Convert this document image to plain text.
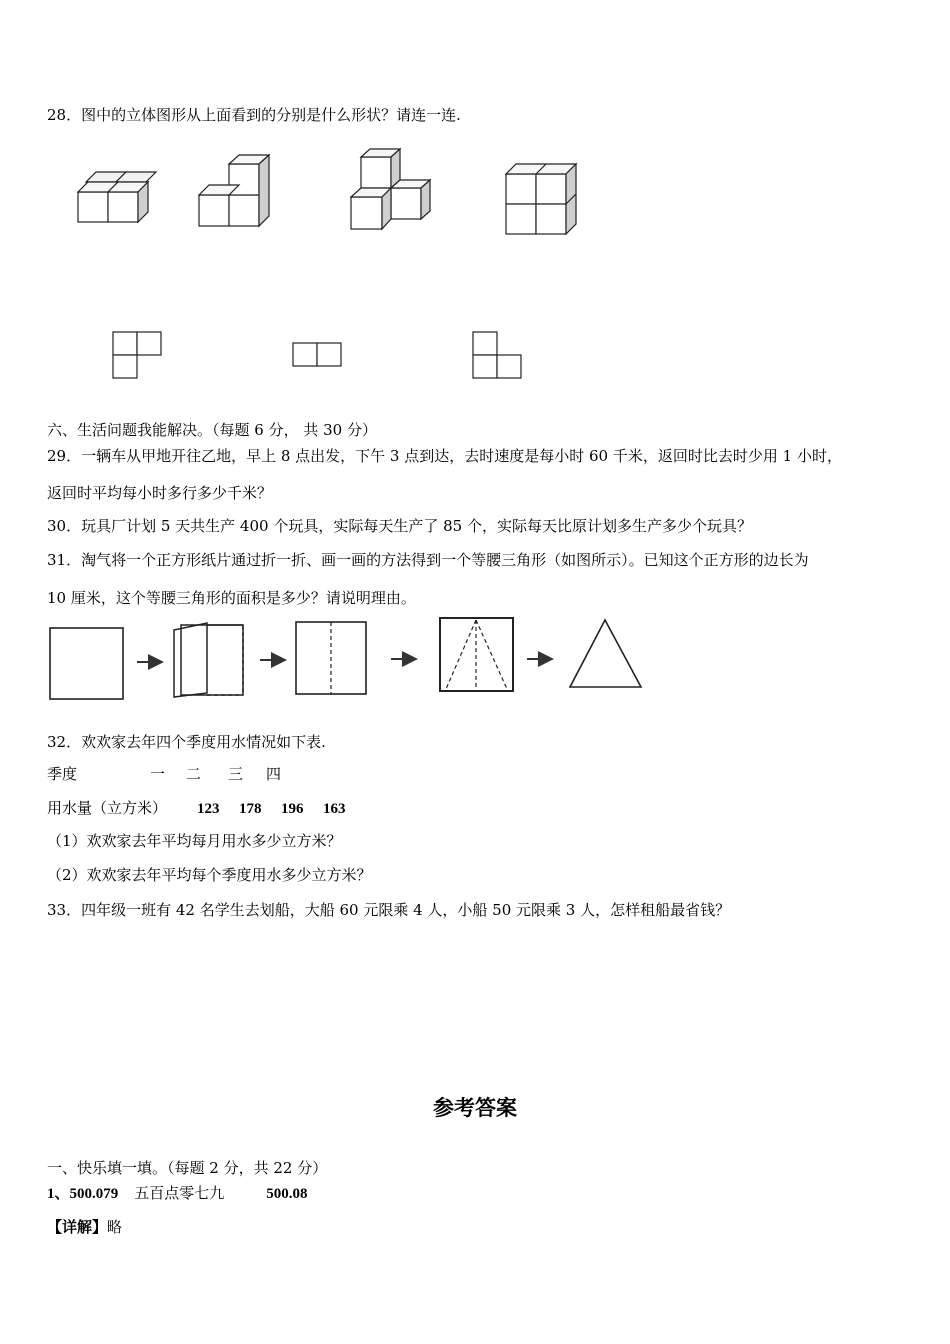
28．图中的立体图形从上面看到的分别是什么形状？请连一连.
六、生活问题我能解决。（每题 6 分， 共 30 分）
29．一辆车从甲地开往乙地，早上 8 点出发，下午 3 点到达，去时速度是每小时 60 千米，返回时比去时少用 1 小时，
返回时平均每小时多行多少千米？
30．玩具厂计划 5 天共生产 400 个玩具，实际每天生产了 85 个，实际每天比原计划多生产多少个玩具？
31．淘气将一个正方形纸片通过折一折、画一画的方法得到一个等腰三角形（如图所示）。已知这个正方形的边长为
10 厘米，这个等腰三角形的面积是多少？请说明理由。
32．欢欢家去年四个季度用水情况如下表.
季度	一 二 三 四
用水量（立方米） 123 178 196 163
（1）欢欢家去年平均每月用水多少立方米？
（2）欢欢家去年平均每个季度用水多少立方米？
33．四年级一班有 42 名学生去划船，大船 60 元限乘 4 人，小船 50 元限乘 3 人，怎样租船最省钱？
参考答案
一、快乐填一填。（每题 2 分，共 22 分）
1、500.079 五百点零七九	500.08
【详解】略
